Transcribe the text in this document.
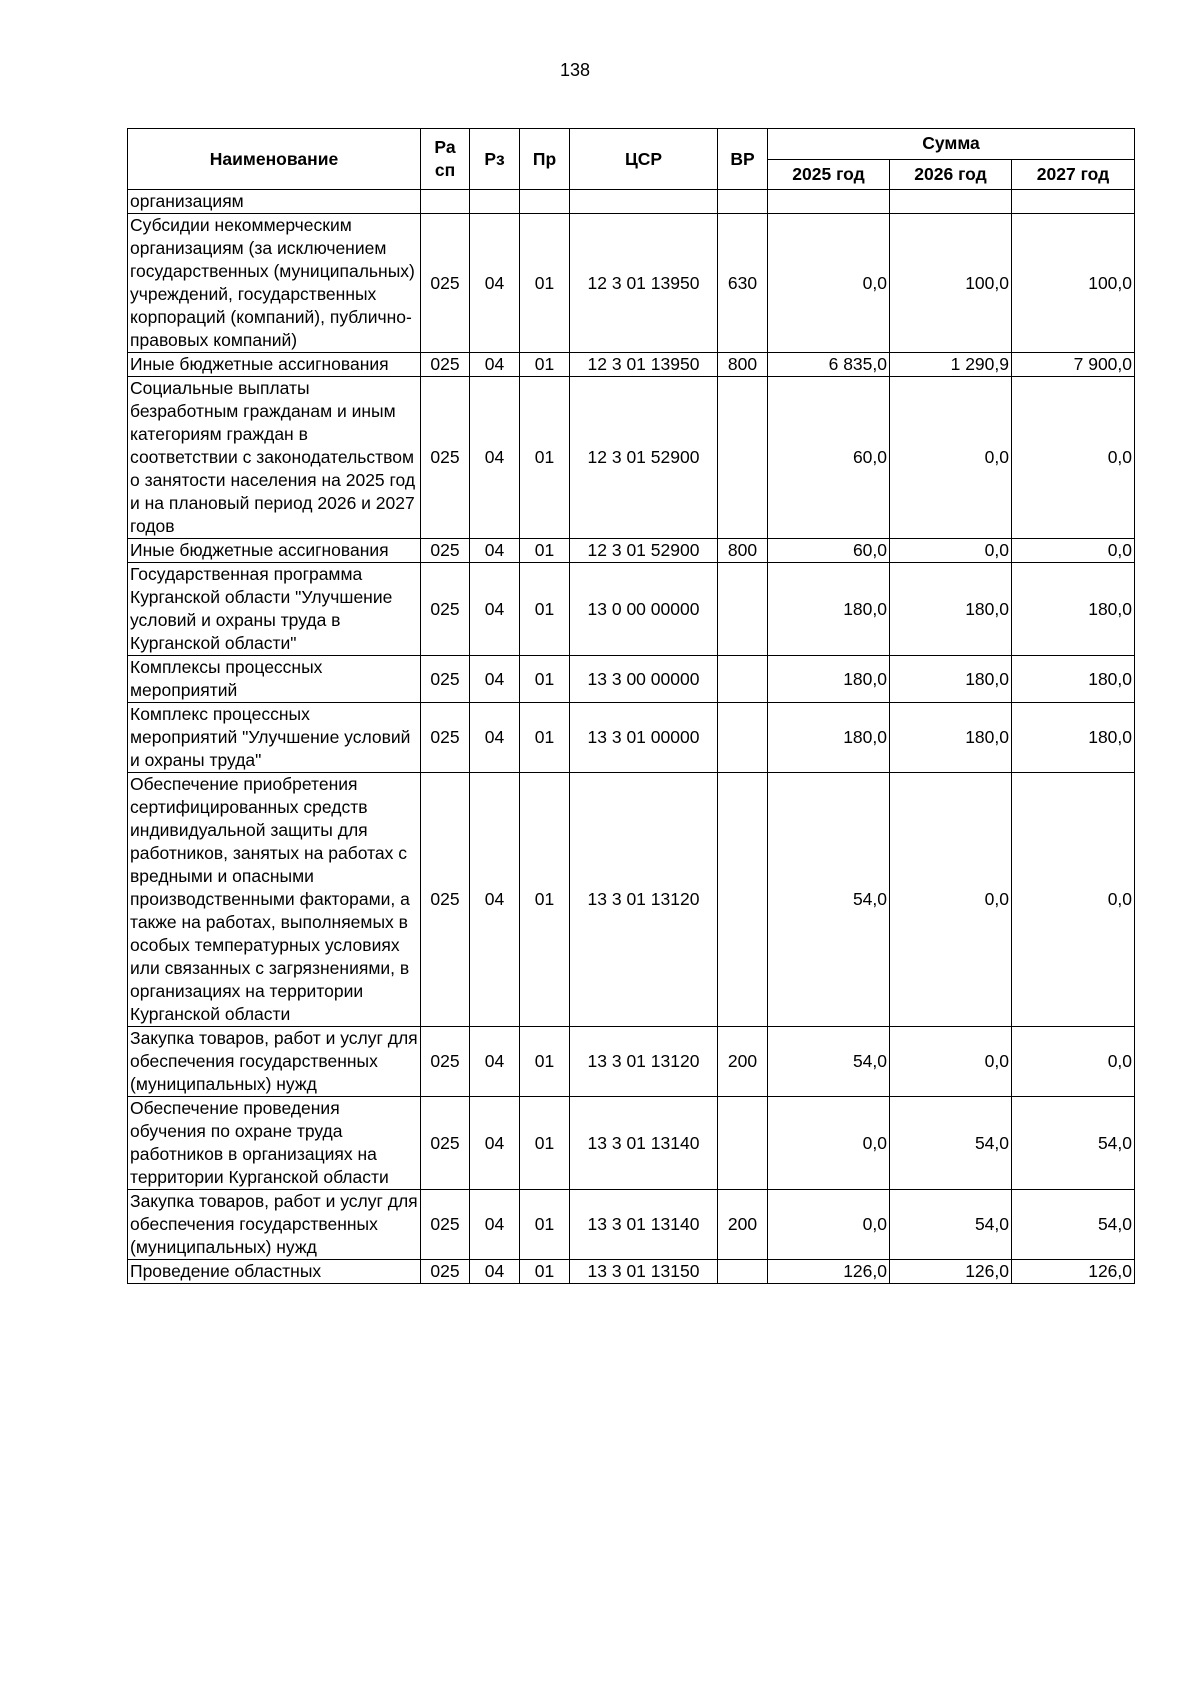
138
Наименование	Ра сп	Рз	Пр	ЦСР	ВР	Сумма		
						2025 год	2026 год	2027 год
организациям								
Субсидии некоммерческим организациям (за исключением государственных (муниципальных) учреждений, государственных корпораций (компаний), публично-правовых компаний)	025	04	01	12 3 01 13950	630	0,0	100,0	100,0
Иные бюджетные ассигнования	025	04	01	12 3 01 13950	800	6 835,0	1 290,9	7 900,0
Социальные выплаты безработным гражданам и иным категориям граждан в соответствии с законодательством о занятости населения на 2025 год и на плановый период 2026 и 2027 годов	025	04	01	12 3 01 52900		60,0	0,0	0,0
Иные бюджетные ассигнования	025	04	01	12 3 01 52900	800	60,0	0,0	0,0
Государственная программа Курганской области "Улучшение условий и охраны труда в Курганской области"	025	04	01	13 0 00 00000		180,0	180,0	180,0
Комплексы процессных мероприятий	025	04	01	13 3 00 00000		180,0	180,0	180,0
Комплекс процессных мероприятий "Улучшение условий и охраны труда"	025	04	01	13 3 01 00000		180,0	180,0	180,0
Обеспечение приобретения сертифицированных средств индивидуальной защиты для работников, занятых на работах с вредными и опасными производственными факторами, а также на работах, выполняемых в особых температурных условиях или связанных с загрязнениями, в организациях на территории Курганской области	025	04	01	13 3 01 13120		54,0	0,0	0,0
Закупка товаров, работ и услуг для обеспечения государственных (муниципальных) нужд	025	04	01	13 3 01 13120	200	54,0	0,0	0,0
Обеспечение проведения обучения по охране труда работников в организациях на территории Курганской области	025	04	01	13 3 01 13140		0,0	54,0	54,0
Закупка товаров, работ и услуг для обеспечения государственных (муниципальных) нужд	025	04	01	13 3 01 13140	200	0,0	54,0	54,0
Проведение областных	025	04	01	13 3 01 13150		126,0	126,0	126,0
